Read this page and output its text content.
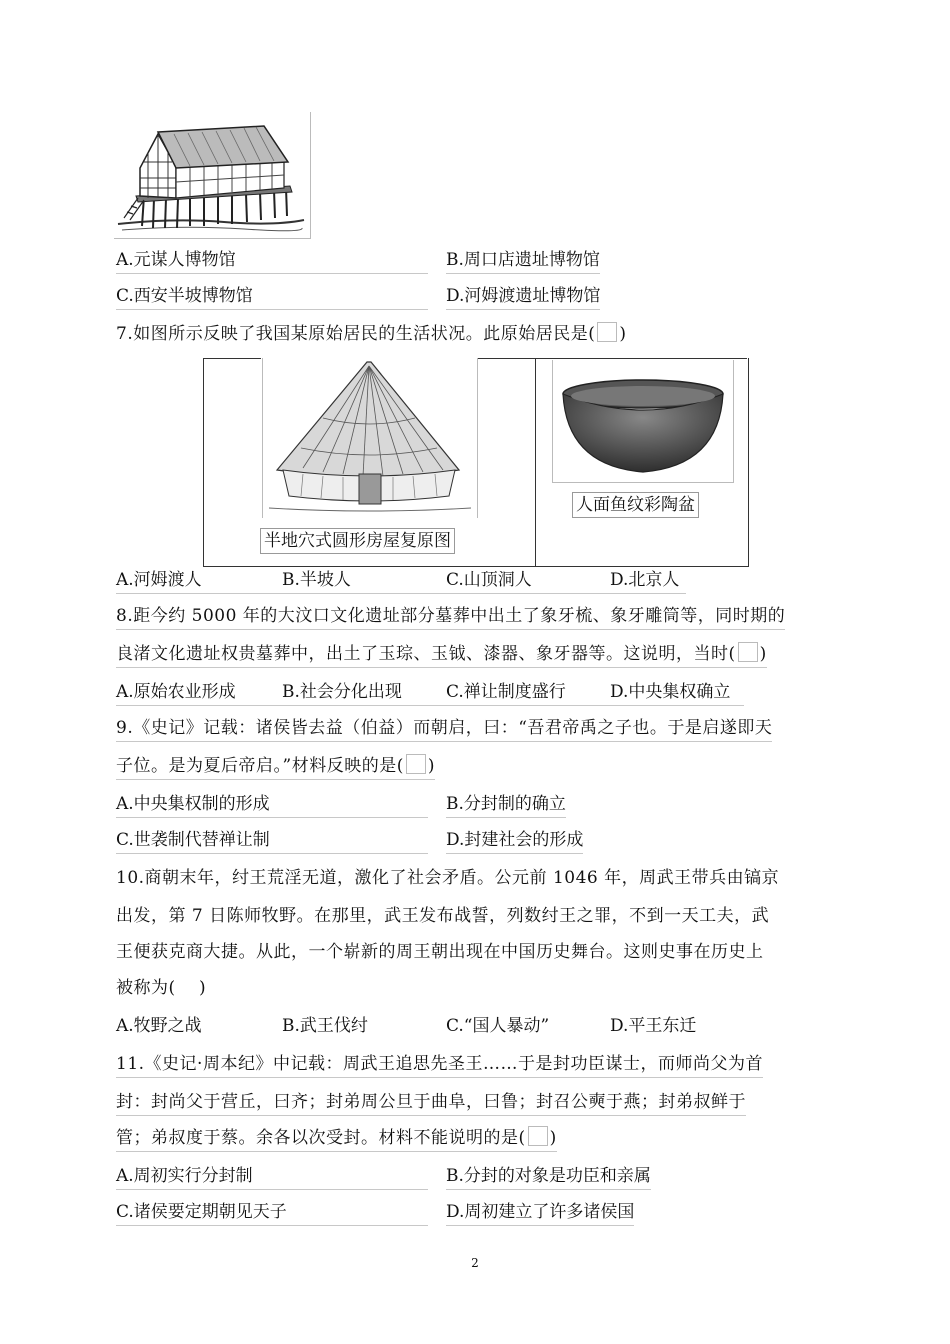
A.元谋人博物馆	B.周口店遗址博物馆
C.西安半坡博物馆	D.河姆渡遗址博物馆
7.如图所示反映了我国某原始居民的生活状况。此原始居民是( )
半地穴式圆形房屋复原图
人面鱼纹彩陶盆
A.河姆渡人	B.半坡人	C.山顶洞人	D.北京人

8.距今约 5000 年的大汶口文化遗址部分墓葬中出土了象牙梳、象牙雕筒等，同时期的
良渚文化遗址权贵墓葬中，出土了玉琮、玉钺、漆器、象牙器等。这说明，当时( )
A.原始农业形成	B.社会分化出现	C.禅让制度盛行	D.中央集权确立

9.《史记》记载：诸侯皆去益（伯益）而朝启，曰：“吾君帝禹之子也。于是启遂即天
子位。是为夏后帝启。”材料反映的是( )
A.中央集权制的形成	B.分封制的确立
C.世袭制代替禅让制	D.封建社会的形成
10.商朝末年，纣王荒淫无道，激化了社会矛盾。公元前 1046 年，周武王带兵由镐京
出发，第 7 日陈师牧野。在那里，武王发布战誓，列数纣王之罪，不到一天工夫，武
王便获克商大捷。从此，一个崭新的周王朝出现在中国历史舞台。这则史事在历史上
被称为(　 )
A.牧野之战	B.武王伐纣	C.“国人暴动”	D.平王东迁

11.《史记·周本纪》中记载：周武王追思先圣王……于是封功臣谋士，而师尚父为首
封：封尚父于营丘，曰齐；封弟周公旦于曲阜，曰鲁；封召公奭于燕；封弟叔鲜于
管；弟叔度于蔡。余各以次受封。材料不能说明的是( )
A.周初实行分封制	B.分封的对象是功臣和亲属
C.诸侯要定期朝见天子	D.周初建立了许多诸侯国
2
